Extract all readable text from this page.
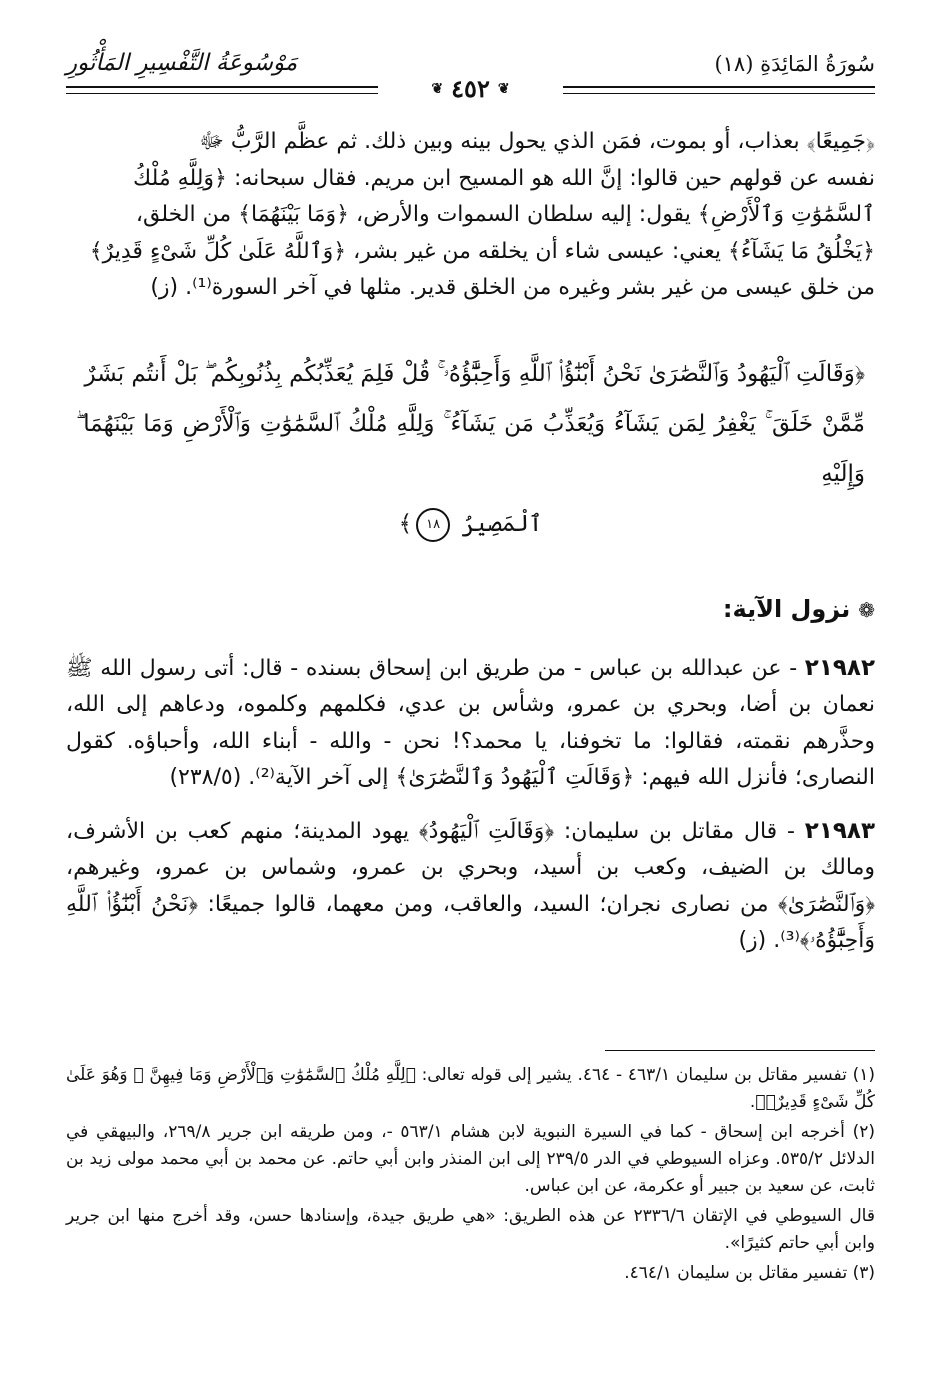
سُورَةُ المَائِدَةِ (١٨)
مَوْسُوعَةُ التَّفْسِيرِ المَأْثُورِ
❦ ٤٥٢ ❦

﴿جَمِيعًا﴾ بعذاب، أو بموت، فمَن الذي يحول بينه وبين ذلك. ثم عظَّم الرَّبُّ ﷻ

نفسه عن قولهم حين قالوا: إنَّ الله هو المسيح ابن مريم. فقال سبحانه: ﴿وَلِلَّهِ مُلْكُ

ٱلسَّمَٰوَٰتِ وَٱلْأَرْضِ﴾ يقول: إليه سلطان السموات والأرض، ﴿وَمَا بَيْنَهُمَا﴾ من الخلق،

﴿يَخْلُقُ مَا يَشَآءُ﴾ يعني: عيسى شاء أن يخلقه من غير بشر، ﴿وَٱللَّهُ عَلَىٰ كُلِّ شَىْءٍ قَدِيرٌ﴾

من خلق عيسى من غير بشر وغيره من الخلق قدير. مثلها في آخر السورة⁽¹⁾. (ز)

﴿وَقَالَتِ ٱلْيَهُودُ وَٱلنَّصَٰرَىٰ نَحْنُ أَبْنَٰٓؤُا۟ ٱللَّهِ وَأَحِبَّٰٓؤُهُۥ ۚ قُلْ فَلِمَ يُعَذِّبُكُم بِذُنُوبِكُم ۖ بَلْ أَنتُم بَشَرٌ
مِّمَّنْ خَلَقَ ۚ يَغْفِرُ لِمَن يَشَآءُ وَيُعَذِّبُ مَن يَشَآءُ ۚ وَلِلَّهِ مُلْكُ ٱلسَّمَٰوَٰتِ وَٱلْأَرْضِ وَمَا بَيْنَهُمَا ۖ وَإِلَيْهِ
ٱلْمَصِيرُ ١٨﴾
❁نزول الآية:

٢١٩٨٢ - عن عبدالله بن عباس - من طريق ابن إسحاق بسنده - قال: أتى رسول الله ﷺ نعمان بن أضا، وبحري بن عمرو، وشأس بن عدي، فكلمهم وكلموه، ودعاهم إلى الله، وحذَّرهم نقمته، فقالوا: ما تخوفنا، يا محمد؟! نحن - والله - أبناء الله، وأحباؤه. كقول النصارى؛ فأنزل الله فيهم: ﴿وَقَالَتِ ٱلْيَهُودُ وَٱلنَّصَٰرَىٰ﴾ إلى آخر الآية⁽²⁾. (٢٣٨/٥)

٢١٩٨٣ - قال مقاتل بن سليمان: ﴿وَقَالَتِ ٱلْيَهُودُ﴾ يهود المدينة؛ منهم كعب بن الأشرف، ومالك بن الضيف، وكعب بن أسيد، وبحري بن عمرو، وشماس بن عمرو، وغيرهم، ﴿وَٱلنَّصَٰرَىٰ﴾ من نصارى نجران؛ السيد، والعاقب، ومن معهما، قالوا جميعًا: ﴿نَحْنُ أَبْنَٰٓؤُا۟ ٱللَّهِ وَأَحِبَّٰٓؤُهُۥ﴾⁽³⁾. (ز)

(١) تفسير مقاتل بن سليمان ٤٦٣/١ - ٤٦٤. يشير إلى قوله تعالى: ﴿لِلَّهِ مُلْكُ ٱلسَّمَٰوَٰتِ وَٱلْأَرْضِ وَمَا فِيهِنَّ ۚ وَهُوَ عَلَىٰ كُلِّ شَىْءٍ قَدِيرٌۢ﴾.

(٢) أخرجه ابن إسحاق - كما في السيرة النبوية لابن هشام ٥٦٣/١ -، ومن طريقه ابن جرير ٢٦٩/٨، والبيهقي في الدلائل ٥٣٥/٢. وعزاه السيوطي في الدر ٢٣٩/٥ إلى ابن المنذر وابن أبي حاتم. عن محمد بن أبي محمد مولى زيد بن ثابت، عن سعيد بن جبير أو عكرمة، عن ابن عباس.

قال السيوطي في الإتقان ٢٣٣٦/٦ عن هذه الطريق: «هي طريق جيدة، وإسنادها حسن، وقد أخرج منها ابن جرير وابن أبي حاتم كثيرًا».

(٣) تفسير مقاتل بن سليمان ٤٦٤/١.
